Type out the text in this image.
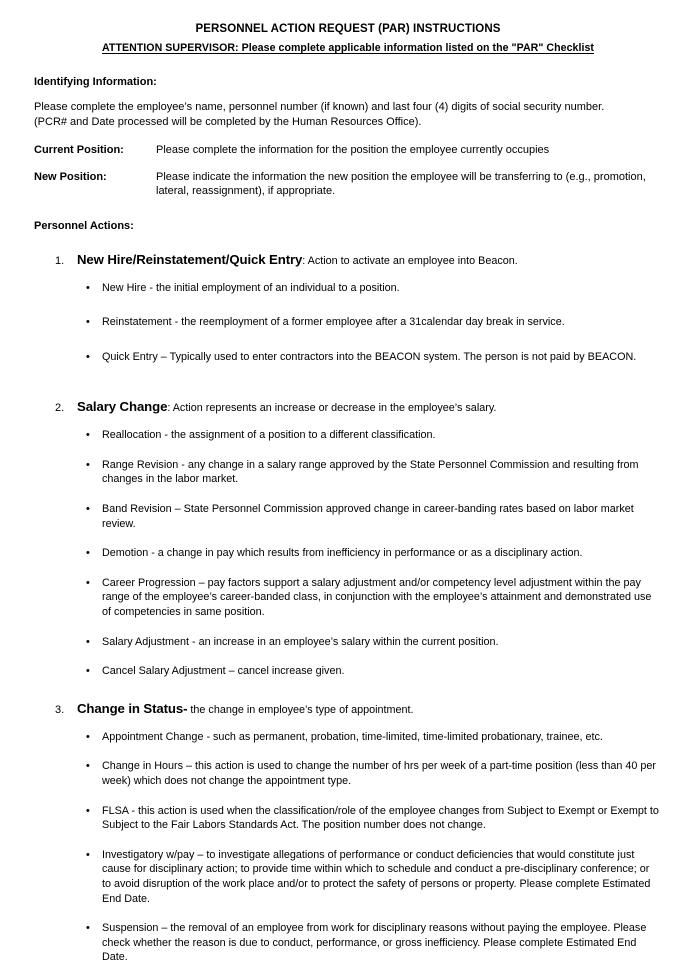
PERSONNEL ACTION REQUEST (PAR) INSTRUCTIONS
ATTENTION SUPERVISOR: Please complete applicable information listed on the "PAR" Checklist
Identifying Information:
Please complete the employee’s name, personnel number (if known) and last four (4) digits of social security number.
(PCR# and Date processed will be completed by the Human Resources Office).
Current Position:	Please complete the information for the position the employee currently occupies
New Position:	Please indicate the information the new position the employee will be transferring to (e.g., promotion, lateral, reassignment), if appropriate.
Personnel Actions:
1. New Hire/Reinstatement/Quick Entry: Action to activate an employee into Beacon.
•	New Hire - the initial employment of an individual to a position.
•	Reinstatement - the reemployment of a former employee after a 31calendar day break in service.
•	Quick Entry – Typically used to enter contractors into the BEACON system. The person is not paid by BEACON.
2. Salary Change: Action represents an increase or decrease in the employee’s salary.
•	Reallocation - the assignment of a position to a different classification.
•	Range Revision - any change in a salary range approved by the State Personnel Commission and resulting from changes in the labor market.
•	Band Revision – State Personnel Commission approved change in career-banding rates based on labor market review.
•	Demotion - a change in pay which results from inefficiency in performance or as a disciplinary action.
•	Career Progression – pay factors support a salary adjustment and/or competency level adjustment within the pay range of the employee’s career-banded class, in conjunction with the employee’s attainment and demonstrated use of competencies in same position.
•	Salary Adjustment - an increase in an employee’s salary within the current position.
•	Cancel Salary Adjustment – cancel increase given.
3. Change in Status- the change in employee’s type of appointment.
•	Appointment Change - such as permanent, probation, time-limited, time-limited probationary, trainee, etc.
•	Change in Hours – this action is used to change the number of hrs per week of a part-time position (less than 40 per week) which does not change the appointment type.
•	FLSA - this action is used when the classification/role of the employee changes from Subject to Exempt or Exempt to Subject to the Fair Labors Standards Act. The position number does not change.
•	Investigatory w/pay – to investigate allegations of performance or conduct deficiencies that would constitute just cause for disciplinary action; to provide time within which to schedule and conduct a pre-disciplinary conference; or to avoid disruption of the work place and/or to protect the safety of persons or property. Please complete Estimated End Date.
•	Suspension – the removal of an employee from work for disciplinary reasons without paying the employee. Please check whether the reason is due to conduct, performance, or gross inefficiency. Please complete Estimated End Date.
